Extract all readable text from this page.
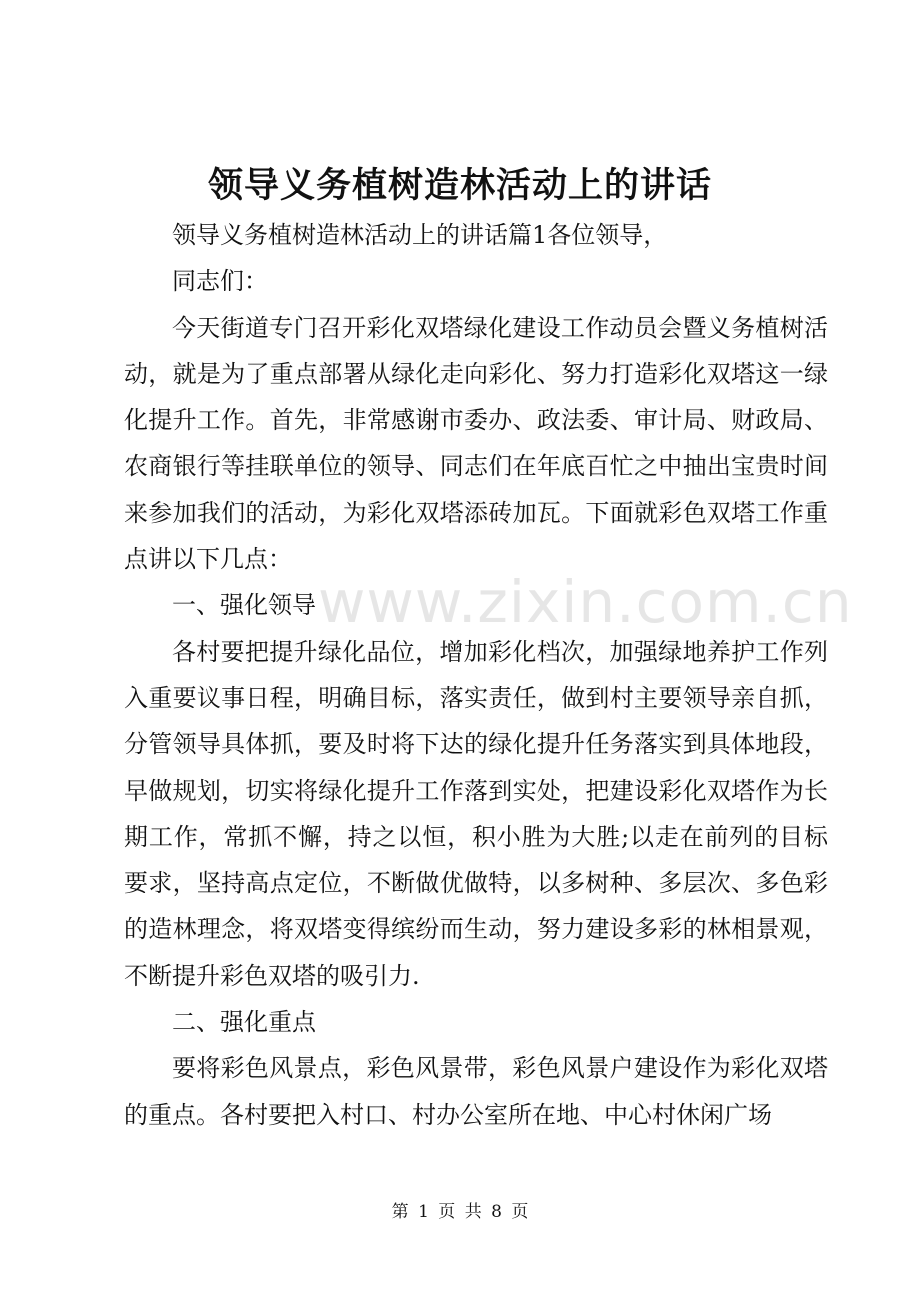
领导义务植树造林活动上的讲话

领导义务植树造林活动上的讲话篇1各位领导，

同志们：

今天街道专门召开彩化双塔绿化建设工作动员会暨义务植树活动，就是为了重点部署从绿化走向彩化、努力打造彩化双塔这一绿化提升工作。首先，非常感谢市委办、政法委、审计局、财政局、农商银行等挂联单位的领导、同志们在年底百忙之中抽出宝贵时间来参加我们的活动，为彩化双塔添砖加瓦。下面就彩色双塔工作重点讲以下几点：

一、强化领导

各村要把提升绿化品位，增加彩化档次，加强绿地养护工作列入重要议事日程，明确目标，落实责任，做到村主要领导亲自抓，分管领导具体抓，要及时将下达的绿化提升任务落实到具体地段，早做规划，切实将绿化提升工作落到实处，把建设彩化双塔作为长期工作，常抓不懈，持之以恒，积小胜为大胜;以走在前列的目标要求，坚持高点定位，不断做优做特，以多树种、多层次、多色彩的造林理念，将双塔变得缤纷而生动，努力建设多彩的林相景观，不断提升彩色双塔的吸引力.

二、强化重点

要将彩色风景点，彩色风景带，彩色风景户建设作为彩化双塔的重点。各村要把入村口、村办公室所在地、中心村休闲广场

www.zixin.com.cn
第 1 页 共 8 页
